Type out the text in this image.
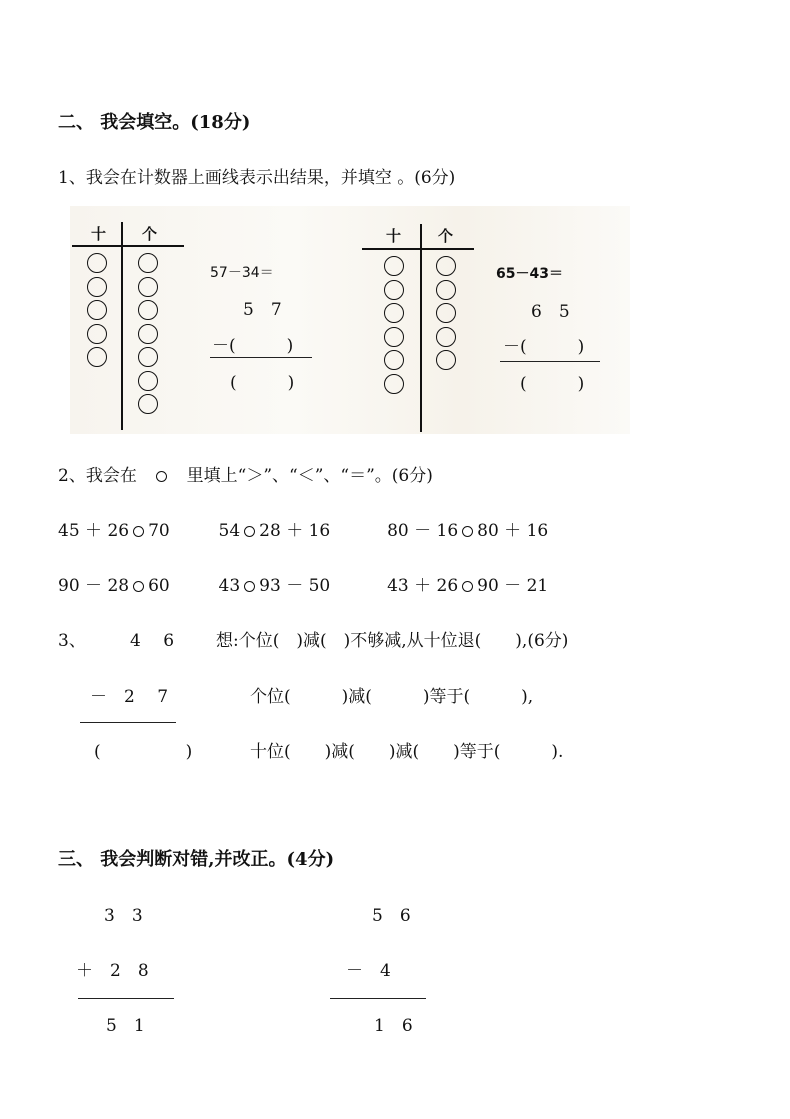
二、 我会填空。(18分)
1、我会在计数器上画线表示出结果，并填空 。(6分)
十 个
57－34＝
5　7
－(　　　)
(　　　)
十 个
65－43＝
6　5
－(　　　)
(　　　)
2、我会在	里填上“＞”、“＜”、“＝”。(6分)
45 ＋ 26 70	54 28 ＋ 16	80 － 16 80 ＋ 16
90 － 28 60	43 93 － 50	43 ＋ 26 90 － 21
3、	4　 6 想:个位(　)减(　)不够减,从十位退(　　),(6分)
－　2　 7	个位(　　　)减(　　　)等于(　　　),
(　　　　　)	十位(　　)减(　　)减(　　)等于(　　　).
三、 我会判断对错,并改正。(4分)
3　3
＋　2　8
5　1
5　6
－　4
1　6
